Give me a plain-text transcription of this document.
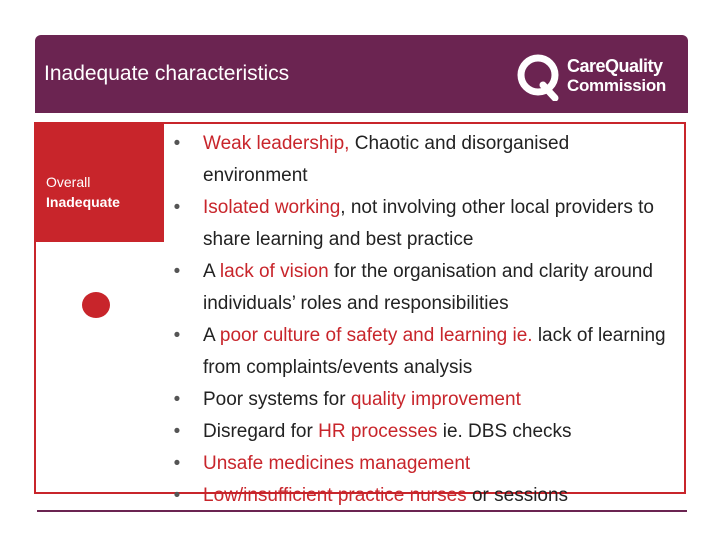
Inadequate characteristics	CareQuality
Commission
Overall
Inadequate
•	Weak leadership, Chaotic and disorganised environment
•	Isolated working, not involving other local providers to share learning and best practice
•	A lack of vision for the organisation and clarity around individuals’ roles and responsibilities
•	A poor culture of safety and learning ie. lack of learning from complaints/events analysis
•	Poor systems for quality improvement
•	Disregard for HR processes ie. DBS checks
•	Unsafe medicines management
•	Low/insufficient practice nurses or sessions
